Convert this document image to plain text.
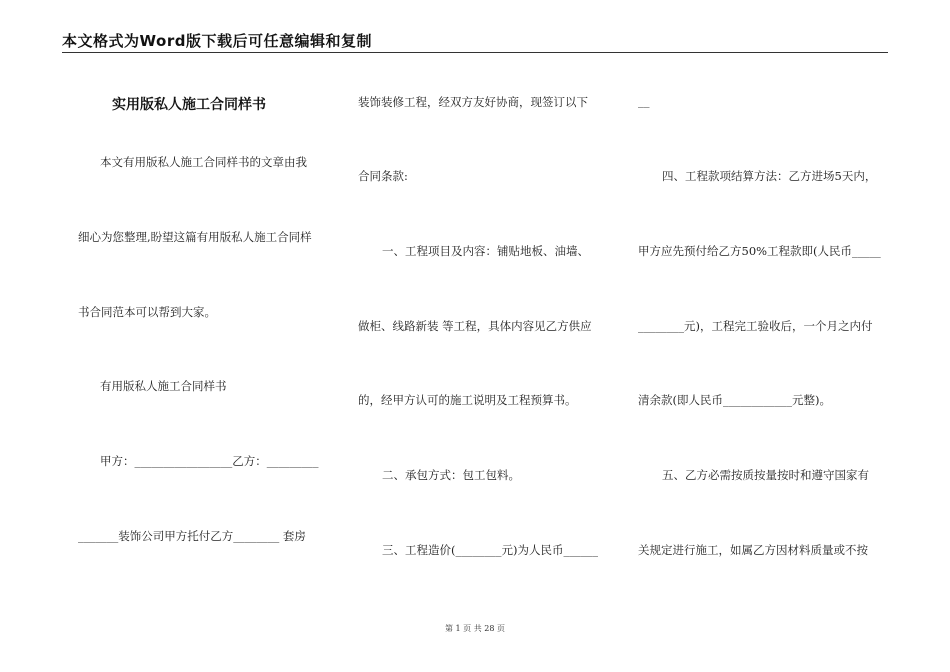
本文格式为Word版下载后可任意编辑和复制
实用版私人施工合同样书
本文有用版私人施工合同样书的文章由我
细心为您整理,盼望这篇有用版私人施工合同样
书合同范本可以帮到大家。
有用版私人施工合同样书
甲方：_________________乙方：_________
_______装饰公司甲方托付乙方________ 套房
装饰装修工程，经双方友好协商，现签订以下
合同条款:
一、工程项目及内容：铺贴地板、油墙、
做柜、线路新装 等工程，具体内容见乙方供应
的，经甲方认可的施工说明及工程预算书。
二、承包方式：包工包料。
三、工程造价(________元)为人民币______
__
四、工程款项结算方法：乙方进场5天内，
甲方应先预付给乙方50%工程款即(人民币_____
________元)，工程完工验收后，一个月之内付
清余款(即人民币____________元整)。
五、乙方必需按质按量按时和遵守国家有
关规定进行施工，如属乙方因材料质量或不按
第 1 页 共 28 页
